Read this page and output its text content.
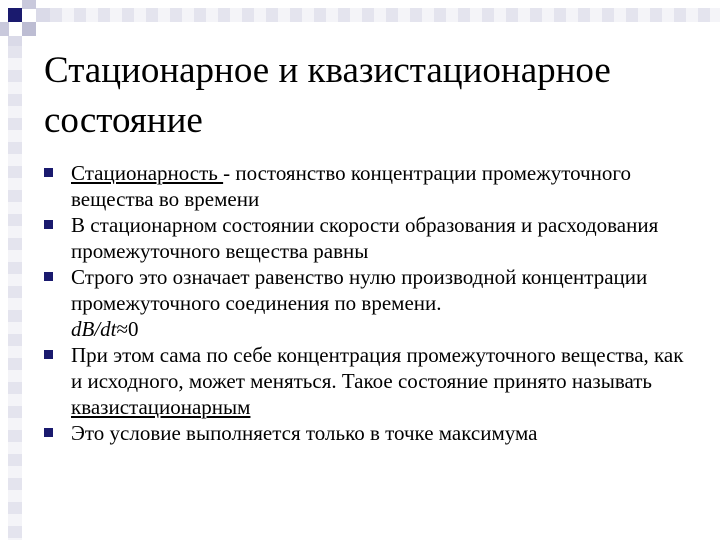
Стационарное и квазистационарное состояние
Стационарность - постоянство концентрации промежуточного вещества во времени
В стационарном состоянии скорости образования и расходования промежуточного вещества равны
Строго это означает равенство нулю производной концентрации промежуточного соединения по времени.
dB/dt≈0
При этом сама по себе концентрация промежуточного вещества, как и исходного, может меняться. Такое состояние принято называть квазистационарным
Это условие выполняется только в точке максимума
